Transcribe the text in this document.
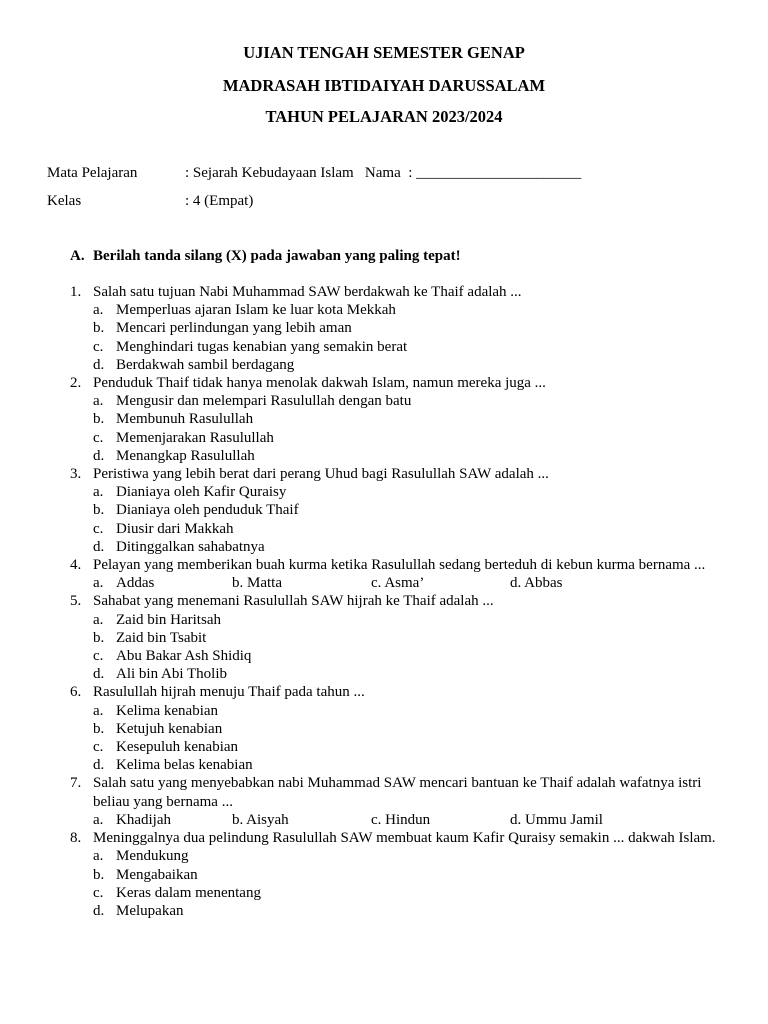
UJIAN TENGAH SEMESTER GENAP
MADRASAH IBTIDAIYAH DARUSSALAM
TAHUN PELAJARAN 2023/2024
Mata Pelajaran	: Sejarah Kebudayaan Islam   Nama  : ______________________
Kelas	: 4 (Empat)
A. Berilah tanda silang (X) pada jawaban yang paling tepat!
1. Salah satu tujuan Nabi Muhammad SAW berdakwah ke Thaif adalah ...
a. Memperluas ajaran Islam ke luar kota Mekkah
b. Mencari perlindungan yang lebih aman
c. Menghindari tugas kenabian yang semakin berat
d. Berdakwah sambil berdagang
2. Penduduk Thaif tidak hanya menolak dakwah Islam, namun mereka juga ...
a. Mengusir dan melempari Rasulullah dengan batu
b. Membunuh Rasulullah
c. Memenjarakan Rasulullah
d. Menangkap Rasulullah
3. Peristiwa yang lebih berat dari perang Uhud bagi Rasulullah SAW adalah ...
a. Dianiaya oleh Kafir Quraisy
b. Dianiaya oleh penduduk Thaif
c. Diusir dari Makkah
d. Ditinggalkan sahabatnya
4. Pelayan yang memberikan buah kurma ketika Rasulullah sedang berteduh di kebun kurma bernama ...
a. Addas	b. Matta	c. Asma’	d. Abbas
5. Sahabat yang menemani Rasulullah SAW hijrah ke Thaif adalah ...
a. Zaid bin Haritsah
b. Zaid bin Tsabit
c. Abu Bakar Ash Shidiq
d. Ali bin Abi Tholib
6. Rasulullah hijrah menuju Thaif pada tahun ...
a. Kelima kenabian
b. Ketujuh kenabian
c. Kesepuluh kenabian
d. Kelima belas kenabian
7. Salah satu yang menyebabkan nabi Muhammad SAW mencari bantuan ke Thaif adalah wafatnya istri beliau yang bernama ...
a. Khadijah	b. Aisyah	c. Hindun	d. Ummu Jamil
8. Meninggalnya dua pelindung Rasulullah SAW membuat kaum Kafir Quraisy semakin ... dakwah Islam.
a. Mendukung
b. Mengabaikan
c. Keras dalam menentang
d. Melupakan
